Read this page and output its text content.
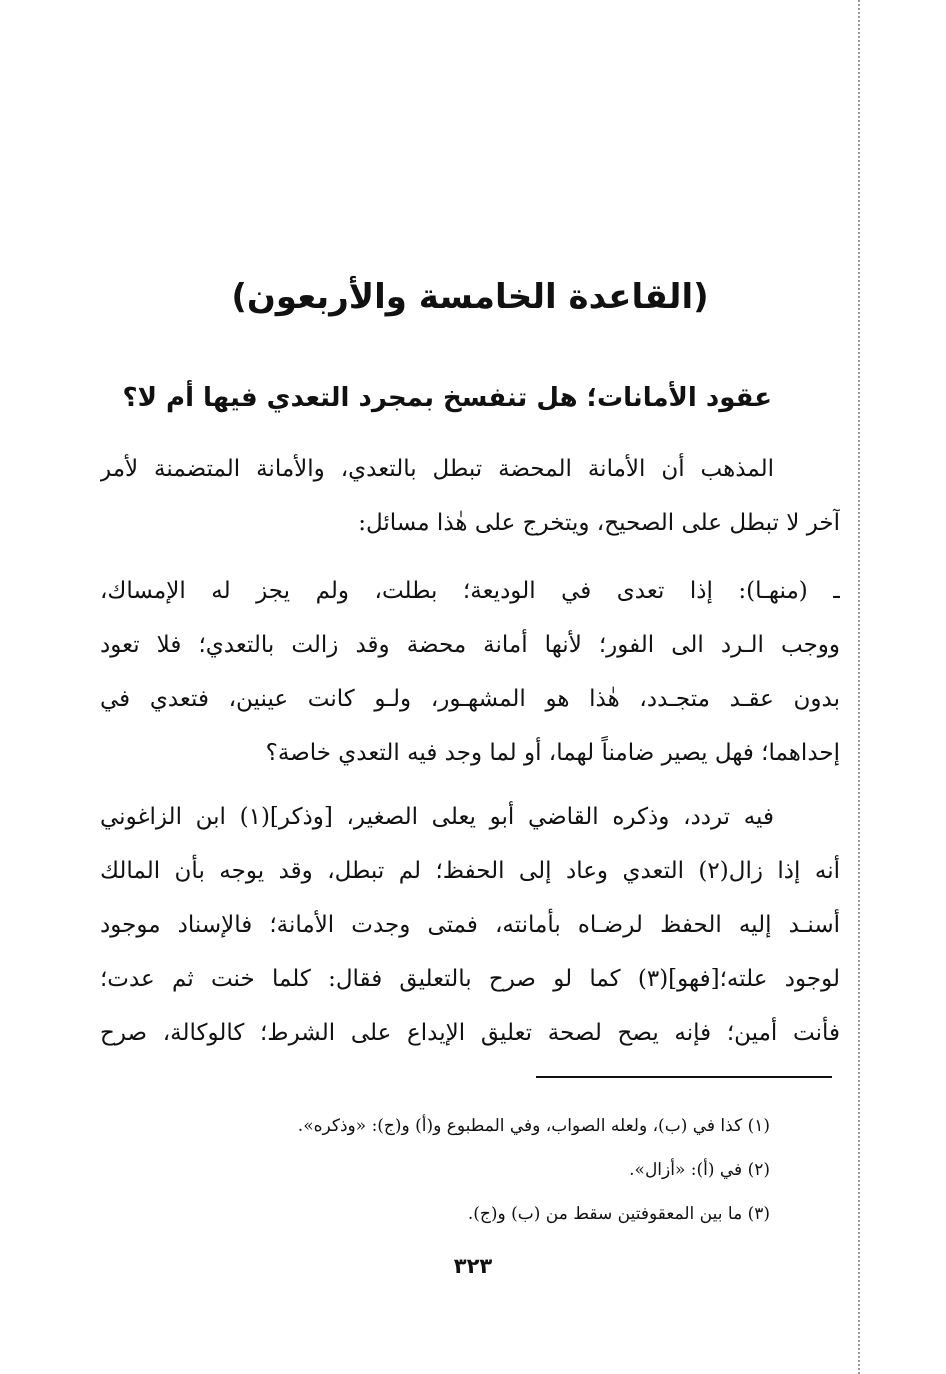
(القاعدة الخامسة والأربعون)
عقود الأمانات؛ هل تنفسخ بمجرد التعدي فيها أم لا؟
المذهب أن الأمانة المحضة تبطل بالتعدي، والأمانة المتضمنة لأمر
آخر لا تبطل على الصحيح، ويتخرج على هٰذا مسائل:
ـ (منهـا): إذا تعدى في الوديعة؛ بطلت، ولم يجز له الإمساك،
ووجب الـرد الى الفور؛ لأنها أمانة محضة وقد زالت بالتعدي؛ فلا تعود
بدون عقـد متجـدد، هٰذا هو المشهـور، ولـو كانت عينين، فتعدي في
إحداهما؛ فهل يصير ضامناً لهما، أو لما وجد فيه التعدي خاصة؟
فيه تردد، وذكره القاضي أبو يعلى الصغير، [وذكر](١) ابن الزاغوني
أنه إذا زال(٢) التعدي وعاد إلى الحفظ؛ لم تبطل، وقد يوجه بأن المالك
أسنـد إليه الحفظ لرضـاه بأمانته، فمتى وجدت الأمانة؛ فالإسناد موجود
لوجود علته؛[فهو](٣) كما لو صرح بالتعليق فقال: كلما خنت ثم عدت؛
فأنت أمين؛ فإنه يصح لصحة تعليق الإيداع على الشرط؛ كالوكالة، صرح
(١) كذا في (ب)، ولعله الصواب، وفي المطبوع و(أ) و(ج): «وذكره».
(٢) في (أ): «أزال».
(٣) ما بين المعقوفتين سقط من (ب) و(ج).
٣٢٣
